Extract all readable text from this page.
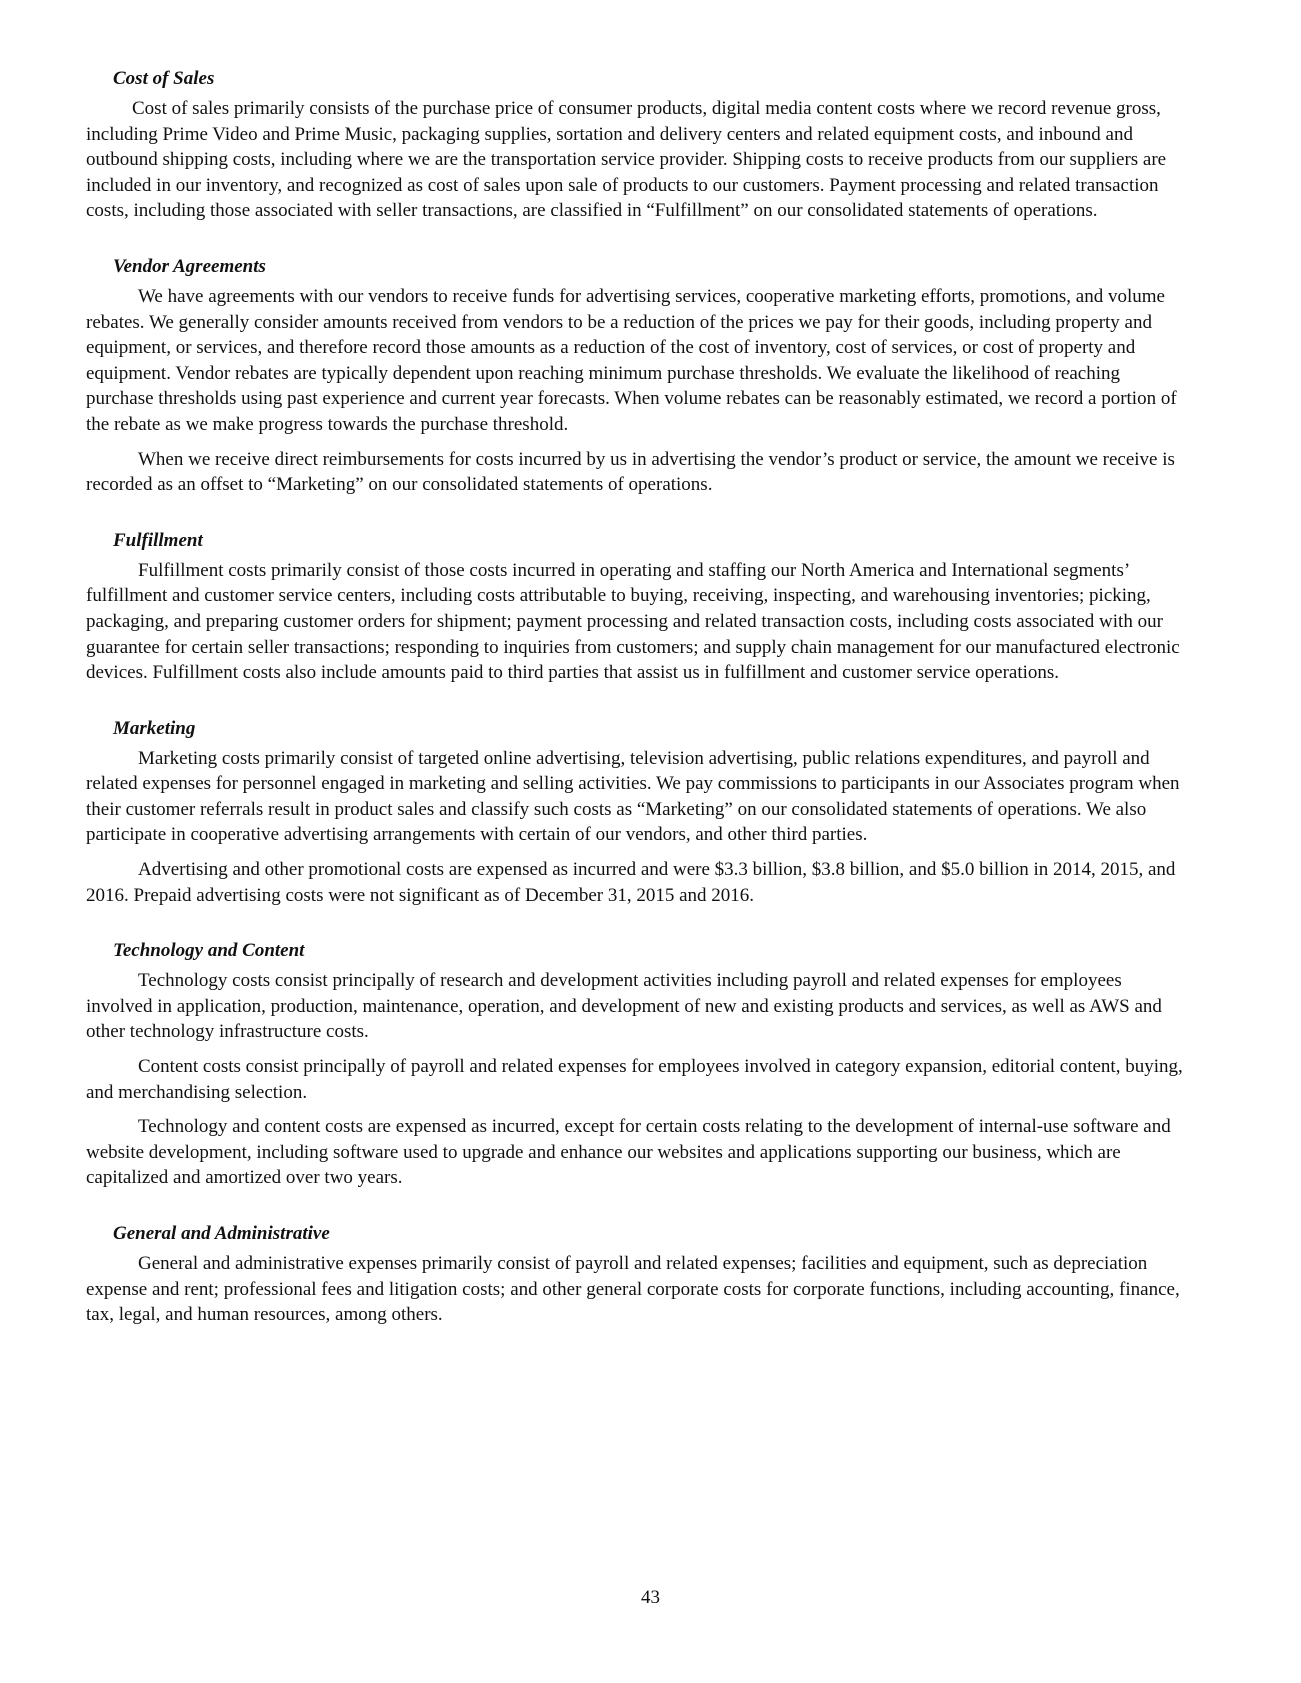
Cost of Sales

Cost of sales primarily consists of the purchase price of consumer products, digital media content costs where we record revenue gross, including Prime Video and Prime Music, packaging supplies, sortation and delivery centers and related equipment costs, and inbound and outbound shipping costs, including where we are the transportation service provider. Shipping costs to receive products from our suppliers are included in our inventory, and recognized as cost of sales upon sale of products to our customers. Payment processing and related transaction costs, including those associated with seller transactions, are classified in “Fulfillment” on our consolidated statements of operations.

Vendor Agreements

We have agreements with our vendors to receive funds for advertising services, cooperative marketing efforts, promotions, and volume rebates. We generally consider amounts received from vendors to be a reduction of the prices we pay for their goods, including property and equipment, or services, and therefore record those amounts as a reduction of the cost of inventory, cost of services, or cost of property and equipment. Vendor rebates are typically dependent upon reaching minimum purchase thresholds. We evaluate the likelihood of reaching purchase thresholds using past experience and current year forecasts. When volume rebates can be reasonably estimated, we record a portion of the rebate as we make progress towards the purchase threshold.

When we receive direct reimbursements for costs incurred by us in advertising the vendor’s product or service, the amount we receive is recorded as an offset to “Marketing” on our consolidated statements of operations.

Fulfillment

Fulfillment costs primarily consist of those costs incurred in operating and staffing our North America and International segments’ fulfillment and customer service centers, including costs attributable to buying, receiving, inspecting, and warehousing inventories; picking, packaging, and preparing customer orders for shipment; payment processing and related transaction costs, including costs associated with our guarantee for certain seller transactions; responding to inquiries from customers; and supply chain management for our manufactured electronic devices. Fulfillment costs also include amounts paid to third parties that assist us in fulfillment and customer service operations.

Marketing

Marketing costs primarily consist of targeted online advertising, television advertising, public relations expenditures, and payroll and related expenses for personnel engaged in marketing and selling activities. We pay commissions to participants in our Associates program when their customer referrals result in product sales and classify such costs as “Marketing” on our consolidated statements of operations. We also participate in cooperative advertising arrangements with certain of our vendors, and other third parties.

Advertising and other promotional costs are expensed as incurred and were $3.3 billion, $3.8 billion, and $5.0 billion in 2014, 2015, and 2016. Prepaid advertising costs were not significant as of December 31, 2015 and 2016.

Technology and Content

Technology costs consist principally of research and development activities including payroll and related expenses for employees involved in application, production, maintenance, operation, and development of new and existing products and services, as well as AWS and other technology infrastructure costs.

Content costs consist principally of payroll and related expenses for employees involved in category expansion, editorial content, buying, and merchandising selection.

Technology and content costs are expensed as incurred, except for certain costs relating to the development of internal-use software and website development, including software used to upgrade and enhance our websites and applications supporting our business, which are capitalized and amortized over two years.

General and Administrative

General and administrative expenses primarily consist of payroll and related expenses; facilities and equipment, such as depreciation expense and rent; professional fees and litigation costs; and other general corporate costs for corporate functions, including accounting, finance, tax, legal, and human resources, among others.

43
